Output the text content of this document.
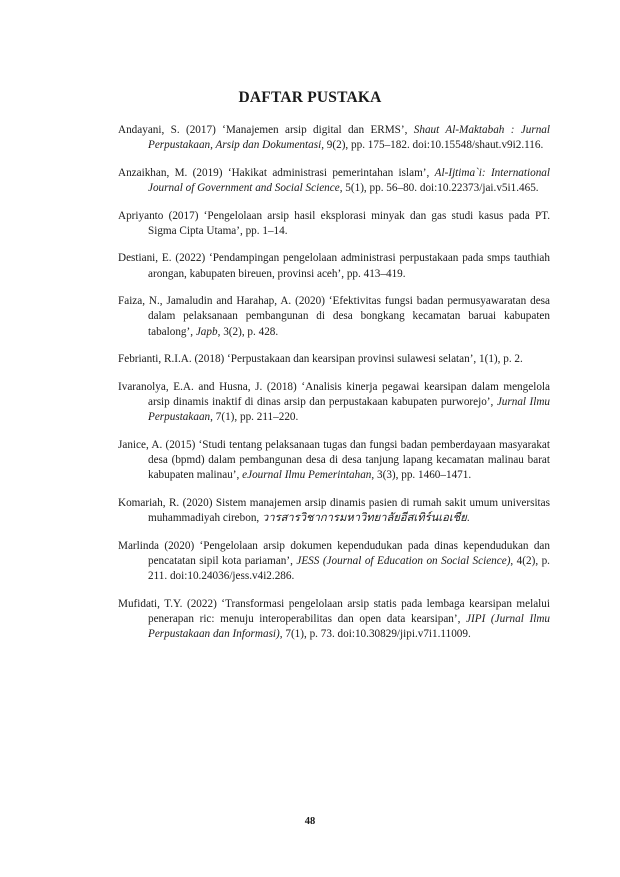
DAFTAR PUSTAKA

Andayani, S. (2017) ‘Manajemen arsip digital dan ERMS’, Shaut Al-Maktabah : Jurnal Perpustakaan, Arsip dan Dokumentasi, 9(2), pp. 175–182. doi:10.15548/shaut.v9i2.116.

Anzaikhan, M. (2019) ‘Hakikat administrasi pemerintahan islam’, Al-Ijtima`i: International Journal of Government and Social Science, 5(1), pp. 56–80. doi:10.22373/jai.v5i1.465.

Apriyanto (2017) ‘Pengelolaan arsip hasil eksplorasi minyak dan gas studi kasus pada PT. Sigma Cipta Utama’, pp. 1–14.

Destiani, E. (2022) ‘Pendampingan pengelolaan administrasi perpustakaan pada smps tauthiah arongan, kabupaten bireuen, provinsi aceh’, pp. 413–419.

Faiza, N., Jamaludin and Harahap, A. (2020) ‘Efektivitas fungsi badan permusyawaratan desa dalam pelaksanaan pembangunan di desa bongkang kecamatan baruai kabupaten tabalong’, Japb, 3(2), p. 428.

Febrianti, R.I.A. (2018) ‘Perpustakaan dan kearsipan provinsi sulawesi selatan’, 1(1), p. 2.

Ivaranolya, E.A. and Husna, J. (2018) ‘Analisis kinerja pegawai kearsipan dalam mengelola arsip dinamis inaktif di dinas arsip dan perpustakaan kabupaten purworejo’, Jurnal Ilmu Perpustakaan, 7(1), pp. 211–220.

Janice, A. (2015) ‘Studi tentang pelaksanaan tugas dan fungsi badan pemberdayaan masyarakat desa (bpmd) dalam pembangunan desa di desa tanjung lapang kecamatan malinau barat kabupaten malinau’, eJournal Ilmu Pemerintahan, 3(3), pp. 1460–1471.

Komariah, R. (2020) Sistem manajemen arsip dinamis pasien di rumah sakit umum universitas muhammadiyah cirebon, วารสารวิชาการมหาวิทยาลัยอีสเทิร์นเอเชีย.

Marlinda (2020) ‘Pengelolaan arsip dokumen kependudukan pada dinas kependudukan dan pencatatan sipil kota pariaman’, JESS (Journal of Education on Social Science), 4(2), p. 211. doi:10.24036/jess.v4i2.286.

Mufidati, T.Y. (2022) ‘Transformasi pengelolaan arsip statis pada lembaga kearsipan melalui penerapan ric: menuju interoperabilitas dan open data kearsipan’, JIPI (Jurnal Ilmu Perpustakaan dan Informasi), 7(1), p. 73. doi:10.30829/jipi.v7i1.11009.

48
